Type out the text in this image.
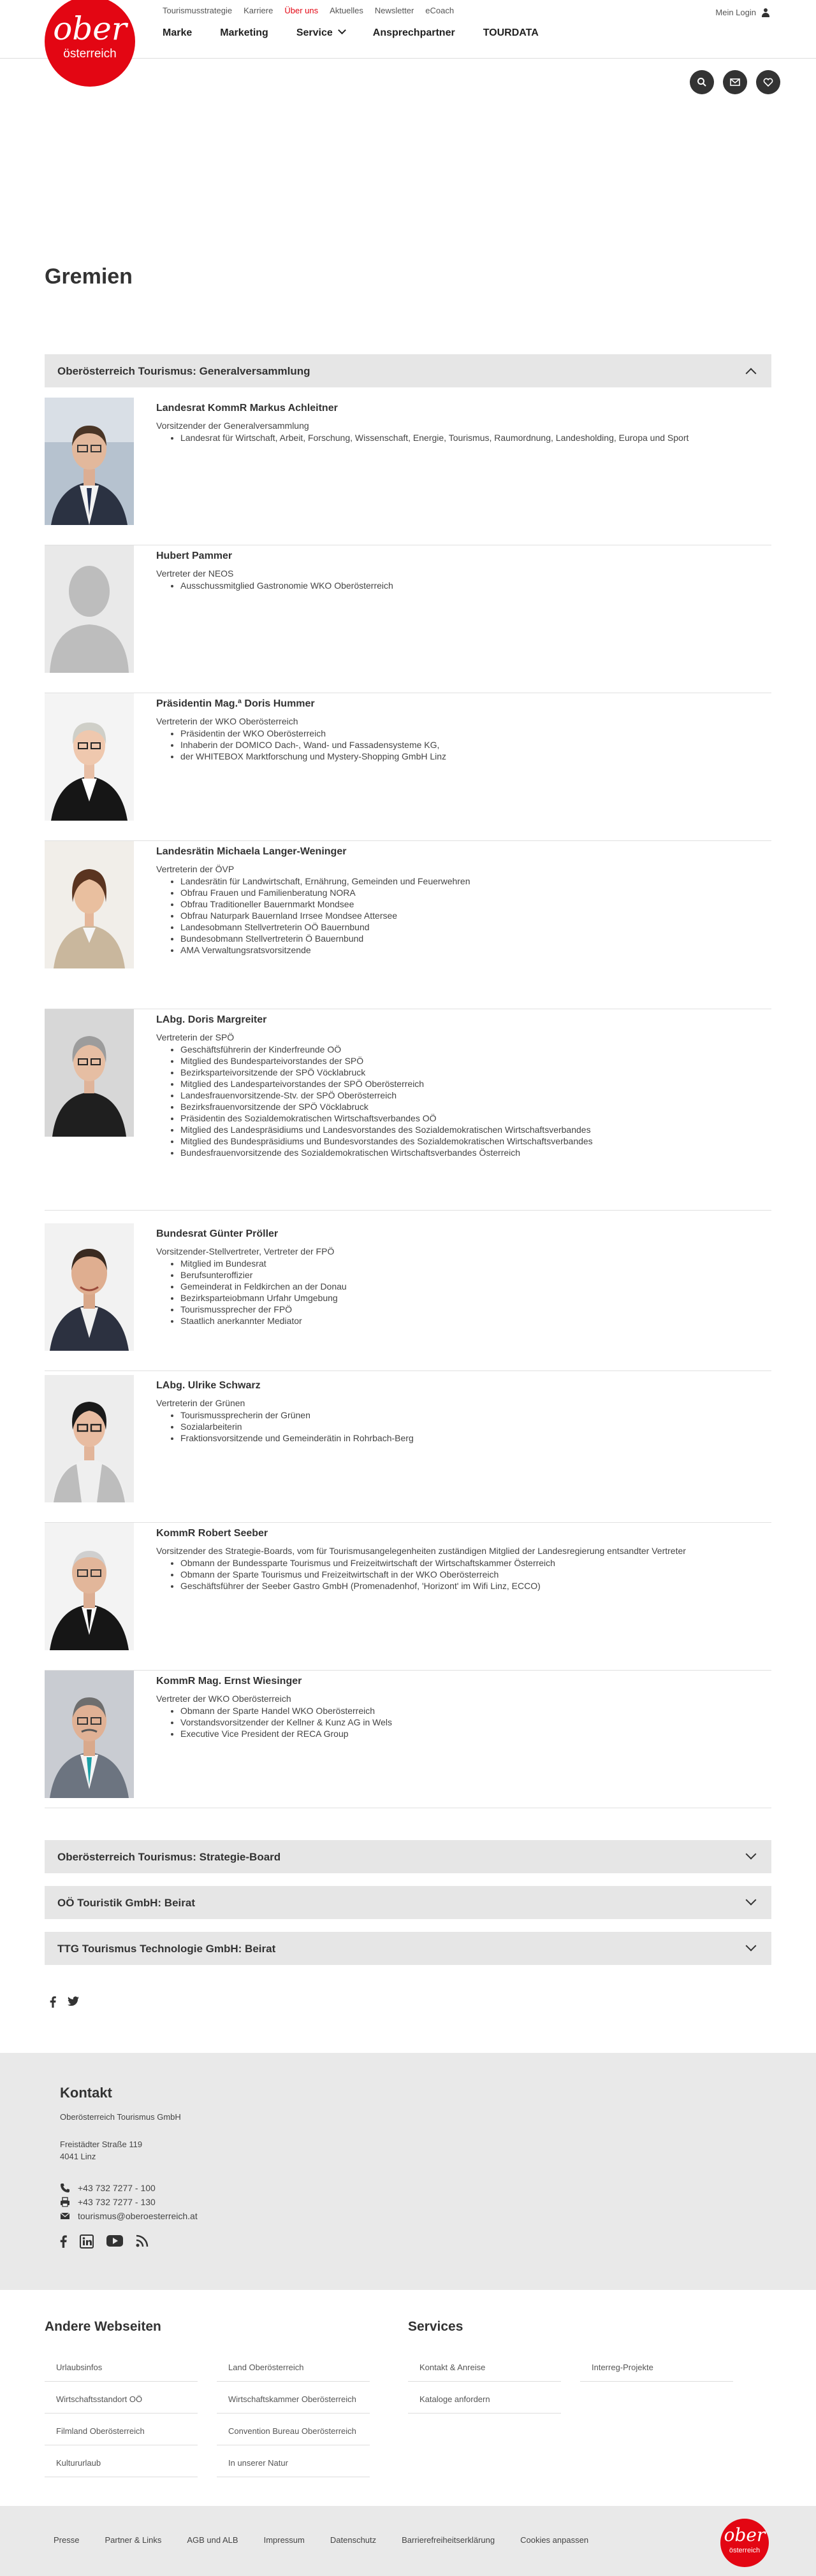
ober
österreich
Tourismusstrategie Karriere Über uns Aktuelles Newsletter eCoach
Marke	Marketing	Service	Ansprechpartner	TOURDATA
Mein Login
Gremien
Oberösterreich Tourismus: Generalversammlung
Landesrat KommR Markus Achleitner
Vorsitzender der Generalversammlung
• Landesrat für Wirtschaft, Arbeit, Forschung, Wissenschaft, Energie, Tourismus, Raumordnung, Landesholding, Europa und Sport
Hubert Pammer
Vertreter der NEOS
• Ausschussmitglied Gastronomie WKO Oberösterreich
Präsidentin Mag.ª Doris Hummer
Vertreterin der WKO Oberösterreich
• Präsidentin der WKO Oberösterreich
• Inhaberin der DOMICO Dach-, Wand- und Fassadensysteme KG,
• der WHITEBOX Marktforschung und Mystery-Shopping GmbH Linz
Landesrätin Michaela Langer-Weninger
Vertreterin der ÖVP
• Landesrätin für Landwirtschaft, Ernährung, Gemeinden und Feuerwehren
• Obfrau Frauen und Familienberatung NORA
• Obfrau Traditioneller Bauernmarkt Mondsee
• Obfrau Naturpark Bauernland Irrsee Mondsee Attersee
• Landesobmann Stellvertreterin OÖ Bauernbund
• Bundesobmann Stellvertreterin Ö Bauernbund
• AMA Verwaltungsratsvorsitzende
LAbg. Doris Margreiter
Vertreterin der SPÖ
• Geschäftsführerin der Kinderfreunde OÖ
• Mitglied des Bundesparteivorstandes der SPÖ
• Bezirksparteivorsitzende der SPÖ Vöcklabruck
• Mitglied des Landesparteivorstandes der SPÖ Oberösterreich
• Landesfrauenvorsitzende-Stv. der SPÖ Oberösterreich
• Bezirksfrauenvorsitzende der SPÖ Vöcklabruck
• Präsidentin des Sozialdemokratischen Wirtschaftsverbandes OÖ
• Mitglied des Landespräsidiums und Landesvorstandes des Sozialdemokratischen Wirtschaftsverbandes
• Mitglied des Bundespräsidiums und Bundesvorstandes des Sozialdemokratischen Wirtschaftsverbandes
• Bundesfrauenvorsitzende des Sozialdemokratischen Wirtschaftsverbandes Österreich
Bundesrat Günter Pröller
Vorsitzender-Stellvertreter, Vertreter der FPÖ
• Mitglied im Bundesrat
• Berufsunteroffizier
• Gemeinderat in Feldkirchen an der Donau
• Bezirksparteiobmann Urfahr Umgebung
• Tourismussprecher der FPÖ
• Staatlich anerkannter Mediator
LAbg. Ulrike Schwarz
Vertreterin der Grünen
• Tourismussprecherin der Grünen
• Sozialarbeiterin
• Fraktionsvorsitzende und Gemeinderätin in Rohrbach-Berg
KommR Robert Seeber
Vorsitzender des Strategie-Boards, vom für Tourismusangelegenheiten zuständigen Mitglied der Landesregierung entsandter Vertreter
• Obmann der Bundessparte Tourismus und Freizeitwirtschaft der Wirtschaftskammer Österreich
• Obmann der Sparte Tourismus und Freizeitwirtschaft in der WKO Oberösterreich
• Geschäftsführer der Seeber Gastro GmbH (Promenadenhof, 'Horizont' im Wifi Linz, ECCO)
KommR Mag. Ernst Wiesinger
Vertreter der WKO Oberösterreich
• Obmann der Sparte Handel WKO Oberösterreich
• Vorstandsvorsitzender der Kellner & Kunz AG in Wels
• Executive Vice President der RECA Group
Oberösterreich Tourismus: Strategie-Board
OÖ Touristik GmbH: Beirat
TTG Tourismus Technologie GmbH: Beirat
Kontakt
Oberösterreich Tourismus GmbH
Freistädter Straße 119
4041 Linz
+43 732 7277 - 100
+43 732 7277 - 130
tourismus@oberoesterreich.at
Andere Webseiten
Urlaubsinfos	Land Oberösterreich
Wirtschaftsstandort OÖ	Wirtschaftskammer Oberösterreich
Filmland Oberösterreich	Convention Bureau Oberösterreich
Kultururlaub	In unserer Natur
Services
Kontakt & Anreise	Interreg-Projekte
Kataloge anfordern
Presse	Partner & Links	AGB und ALB	Impressum	Datenschutz	Barrierefreiheitserklärung	Cookies anpassen	ober
österreich
